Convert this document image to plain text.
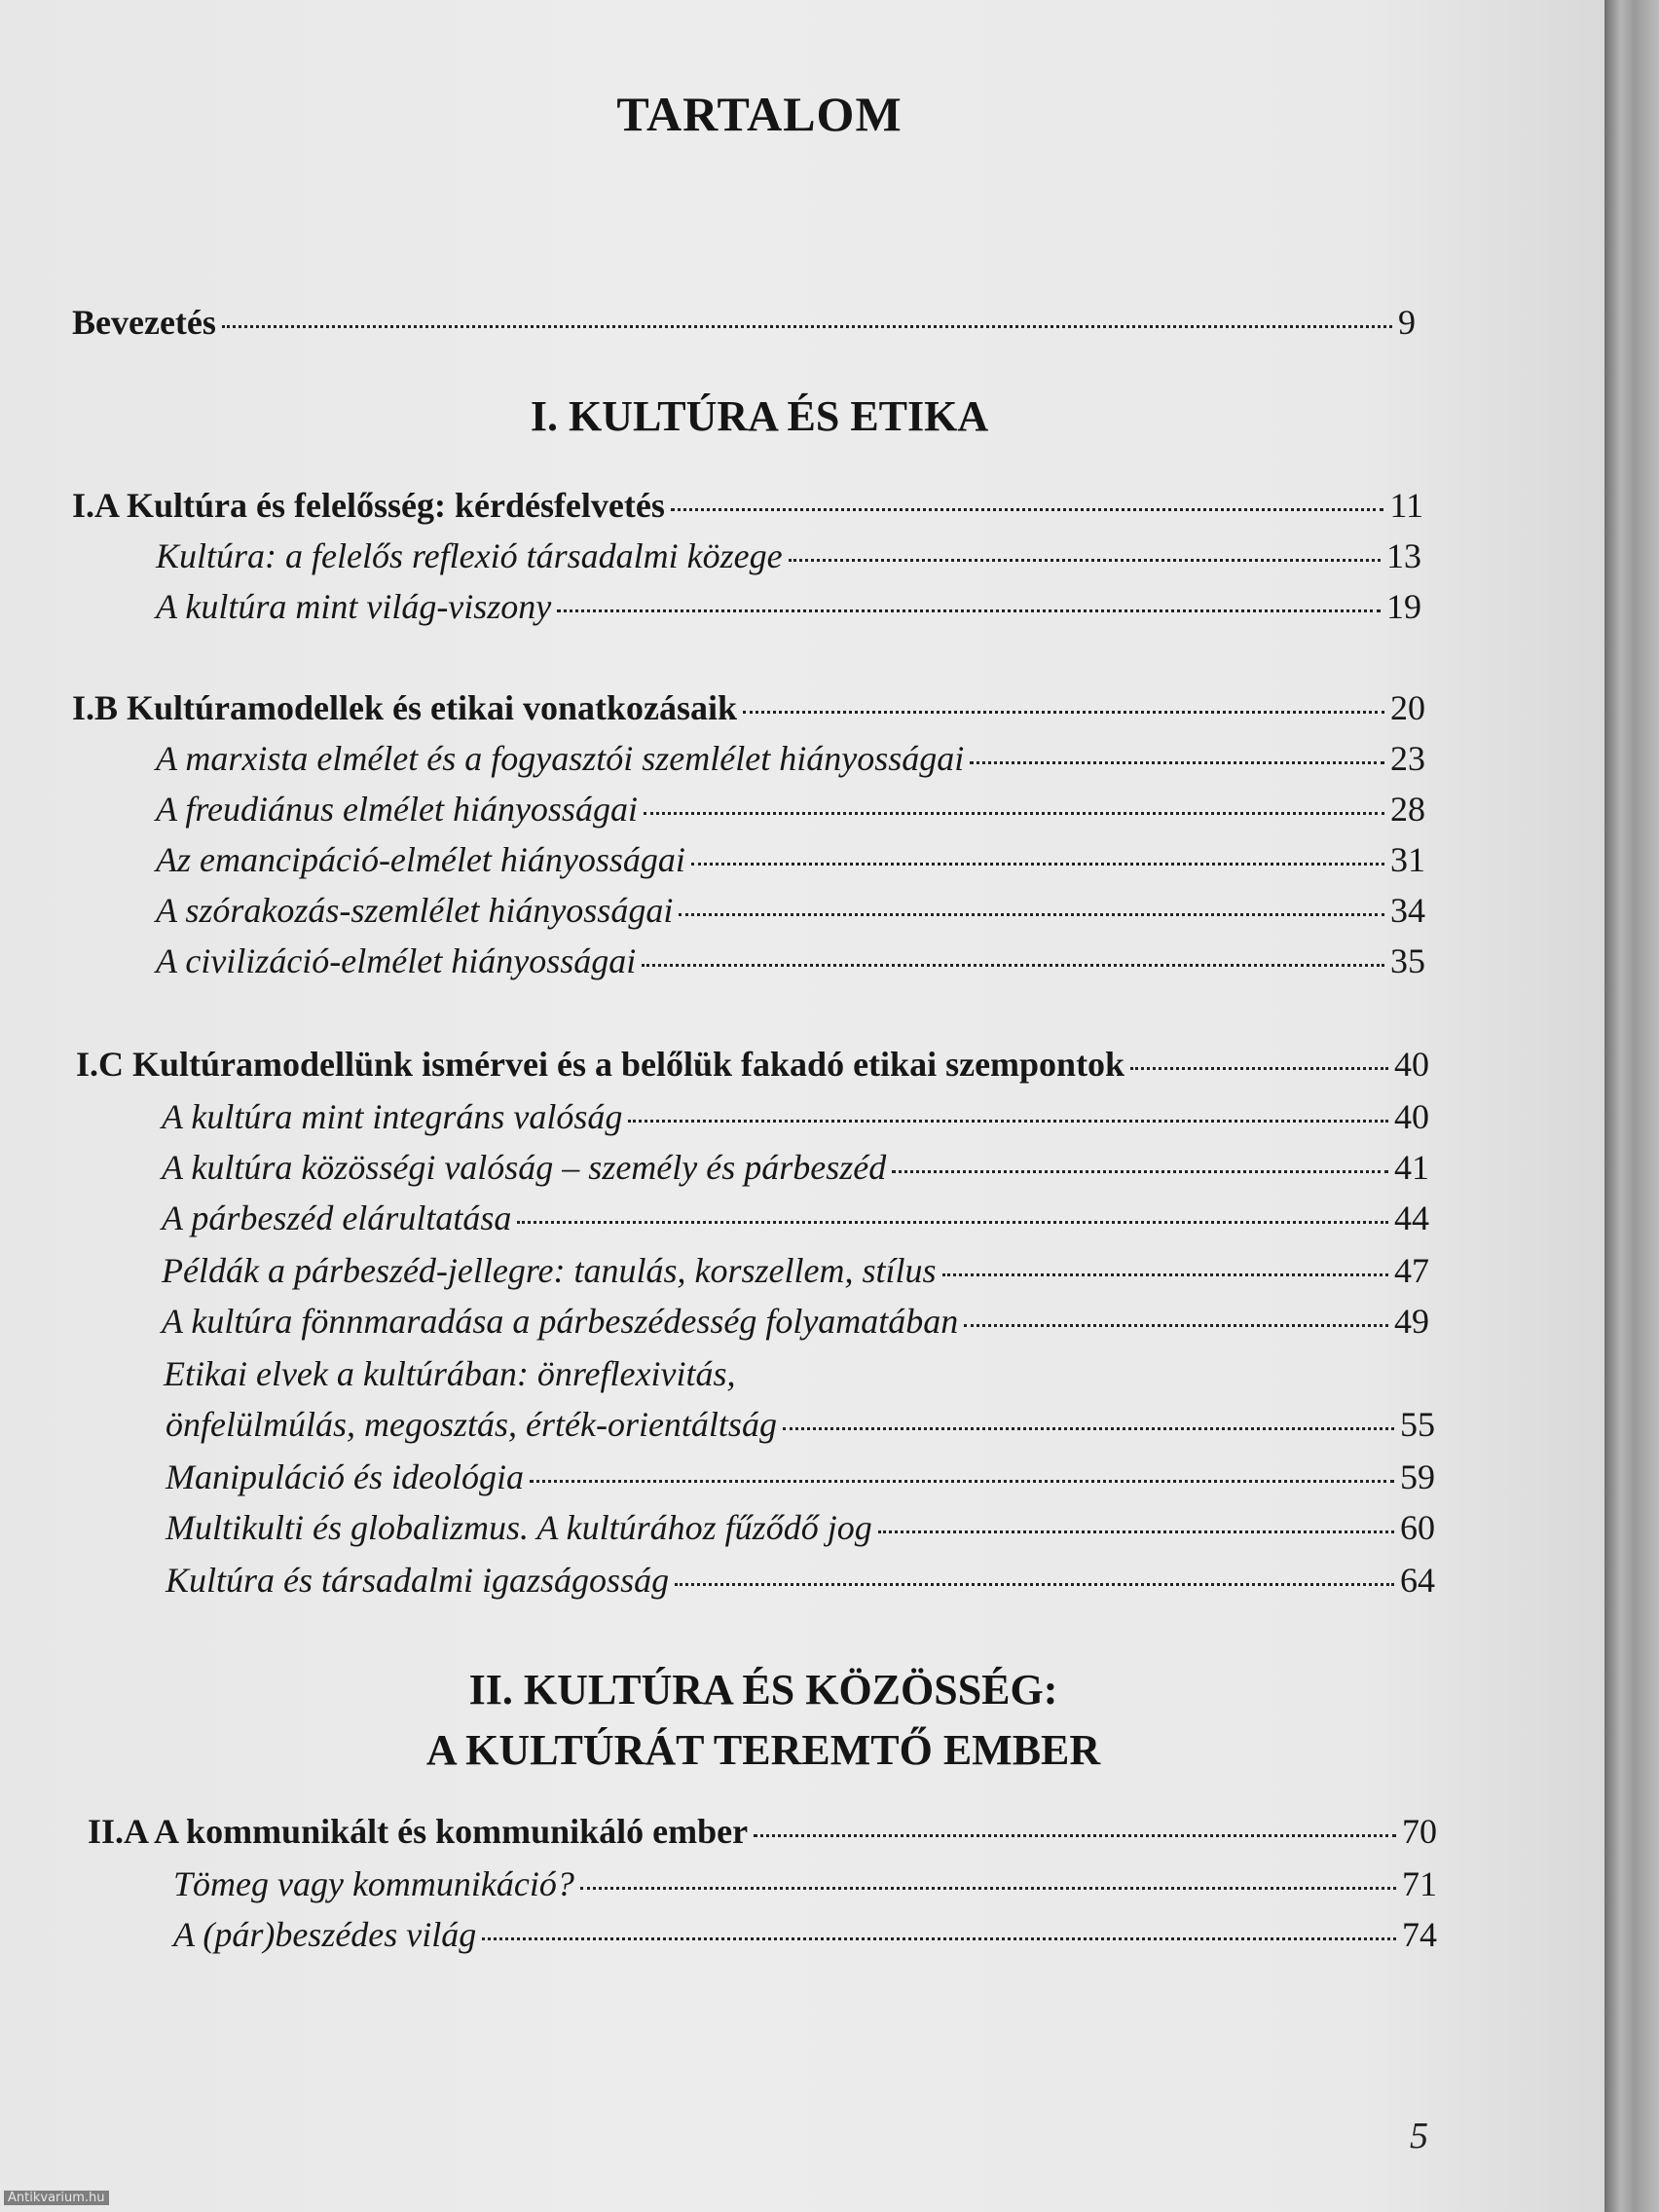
TARTALOM
Bevezetés	9
I. KULTÚRA ÉS ETIKA
I.A Kultúra és felelősség: kérdésfelvetés	11
Kultúra: a felelős reflexió társadalmi közege	13
A kultúra mint világ-viszony	19
I.B Kultúramodellek és etikai vonatkozásaik	20
A marxista elmélet és a fogyasztói szemlélet hiányosságai	23
A freudiánus elmélet hiányosságai	28
Az emancipáció-elmélet hiányosságai	31
A szórakozás-szemlélet hiányosságai	34
A civilizáció-elmélet hiányosságai	35
I.C Kultúramodellünk ismérvei és a belőlük fakadó etikai szempontok	40
A kultúra mint integráns valóság	40
A kultúra közösségi valóság – személy és párbeszéd	41
A párbeszéd elárultatása	44
Példák a párbeszéd-jellegre: tanulás, korszellem, stílus	47
A kultúra fönnmaradása a párbeszédesség folyamatában	49
Etikai elvek a kultúrában: önreflexivitás,
önfelülmúlás, megosztás, érték-orientáltság	55
Manipuláció és ideológia	59
Multikulti és globalizmus. A kultúrához fűződő jog	60
Kultúra és társadalmi igazságosság	64
II. KULTÚRA ÉS KÖZÖSSÉG:
A KULTÚRÁT TEREMTŐ EMBER
II.A A kommunikált és kommunikáló ember	70
Tömeg vagy kommunikáció?	71
A (pár)beszédes világ	74
5
Antikvarium.hu
